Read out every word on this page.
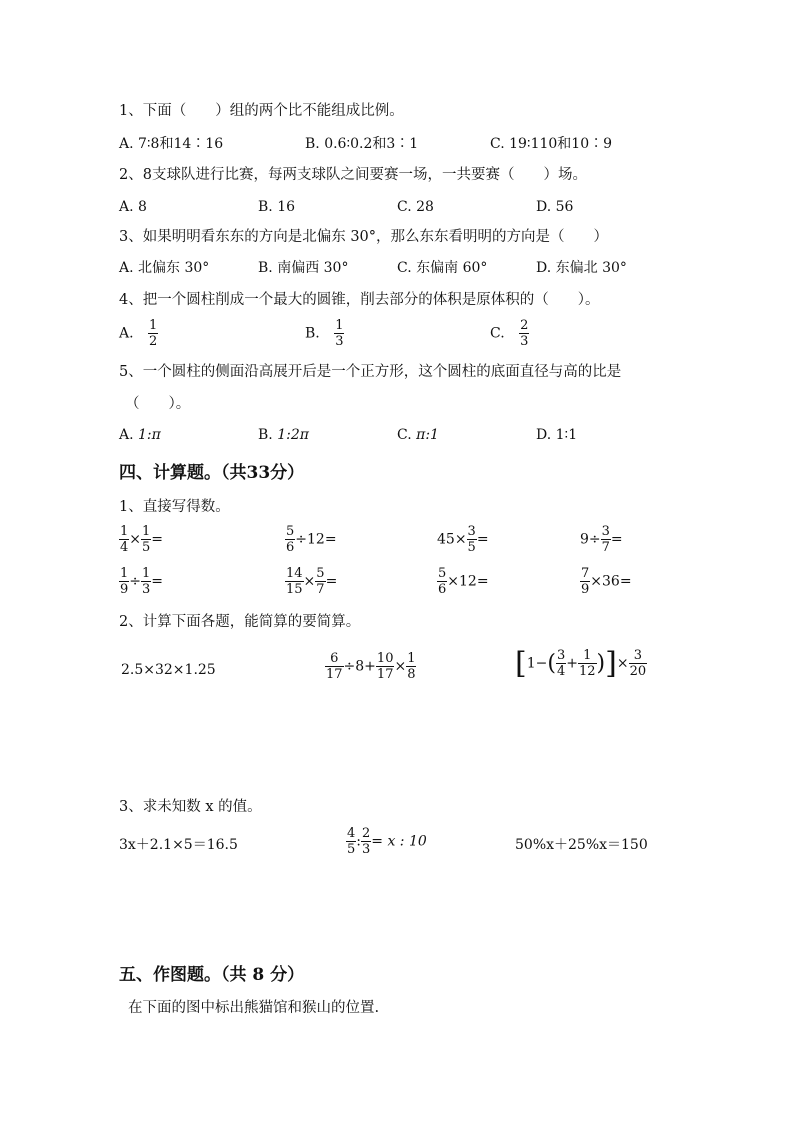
1、下面（　　）组的两个比不能组成比例。
A. 7∶8和14∶16	B. 0.6∶0.2和3∶1	C. 19∶110和10∶9
2、8支球队进行比赛，每两支球队之间要赛一场，一共要赛（　　）场。
A. 8	B. 16	C. 28	D. 56
3、如果明明看东东的方向是北偏东 30°，那么东东看明明的方向是（　　）
A. 北偏东 30°	B. 南偏西 30°	C. 东偏南 60°	D. 东偏北 30°
4、把一个圆柱削成一个最大的圆锥，削去部分的体积是原体积的（　　）。
A. $\frac{1}{2}$	B. $\frac{1}{3}$	C. $\frac{2}{3}$
5、一个圆柱的侧面沿高展开后是一个正方形，这个圆柱的底面直径与高的比是
（　　）。
A. 1:π	B. 1:2π	C. π:1	D. 1∶1
四、计算题。（共33分）
1、直接写得数。
$\frac{1}{4} \times \frac{1}{5}$ =	$\frac{5}{6} \div 12=$	$45\times \frac{3}{5}$ =	$9\div \frac{3}{7}$ =
$\frac{1}{9} \div \frac{1}{3}$ =	$\frac{14}{15} \times \frac{5}{7}$ =	$\frac{5}{6} \times 12=$	$\frac{7}{9} \times 36=$
2、计算下面各题，能简算的要简算。
2.5×32×1.25	$\frac{6}{17} \div 8+ \frac{10}{17} \times \frac{1}{8}$	[$1-( \frac{3}{4} + \frac{1}{12}$ )]× $\frac{3}{20}$
3、求未知数 x 的值。
3x＋2.1×5＝16.5	$\frac{4}{5}$ : $\frac{2}{3} = x$ : 10	50%x＋25%x＝150
五、作图题。（共 8 分）
在下面的图中标出熊猫馆和猴山的位置.
